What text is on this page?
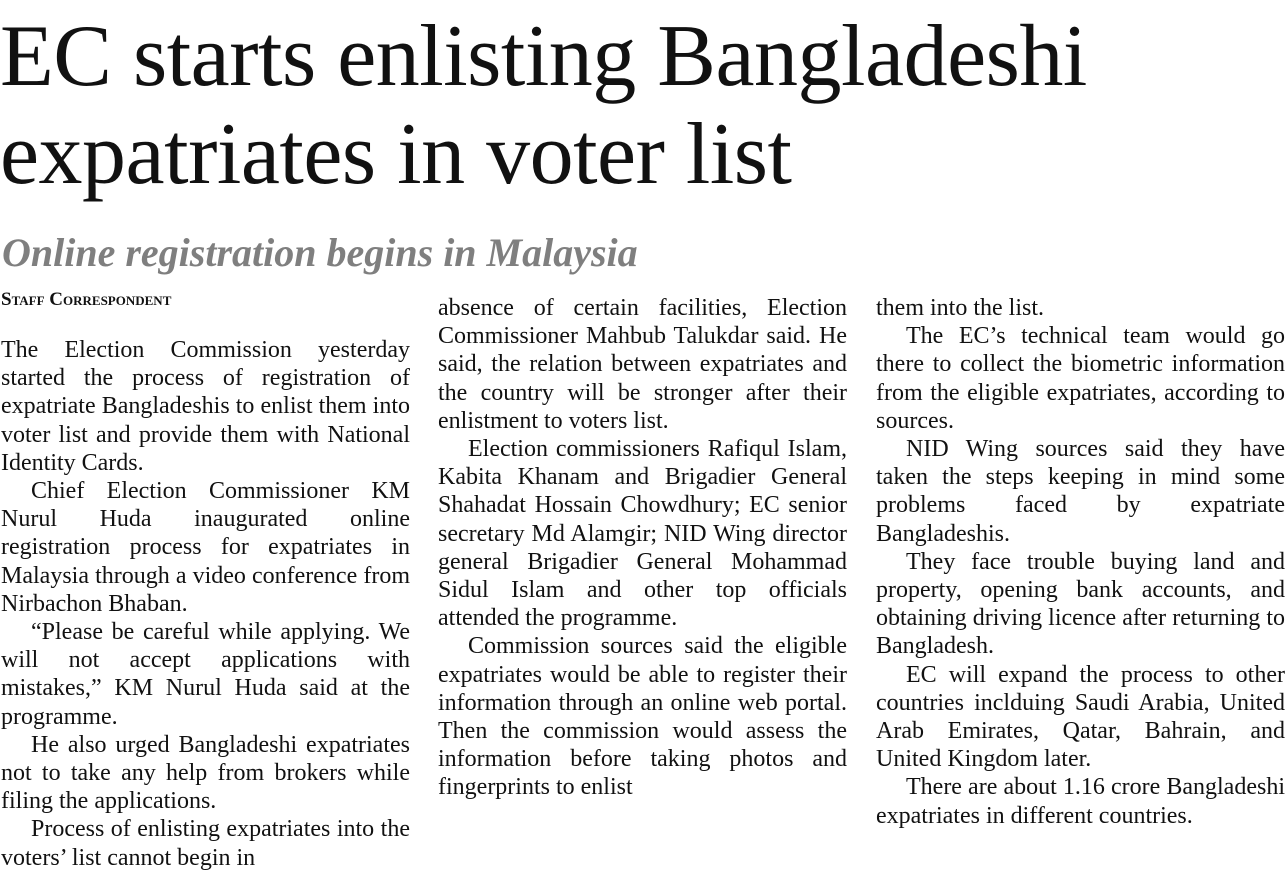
EC starts enlisting Bangladeshi
expatriates in voter list
Online registration begins in Malaysia
Staff Correspondent

The Election Commission yesterday started the process of registration of expatriate Bangladeshis to enlist them into voter list and provide them with National Identity Cards.

Chief Election Commissioner KM Nurul Huda inaugurated online registration process for expatriates in Malaysia through a video conference from Nirbachon Bhaban.

“Please be careful while applying. We will not accept applications with mistakes,” KM Nurul Huda said at the programme.

He also urged Bangladeshi expatriates not to take any help from brokers while filing the applications.

Process of enlisting expatriates into the voters’ list cannot begin in

absence of certain facilities, Election Commissioner Mahbub Talukdar said. He said, the relation between expatriates and the country will be stronger after their enlistment to voters list.

Election commissioners Rafiqul Islam, Kabita Khanam and Brigadier General Shahadat Hossain Chowdhury; EC senior secretary Md Alamgir; NID Wing director general Brigadier General Mohammad Sidul Islam and other top officials attended the programme.

Commission sources said the eligible expatriates would be able to register their information through an online web portal. Then the commission would assess the information before taking photos and fingerprints to enlist

them into the list.

The EC’s technical team would go there to collect the biometric information from the eligible expatriates, according to sources.

NID Wing sources said they have taken the steps keeping in mind some problems faced by expatriate Bangladeshis.

They face trouble buying land and property, opening bank accounts, and obtaining driving licence after returning to Bangladesh.

EC will expand the process to other countries inclduing Saudi Arabia, United Arab Emirates, Qatar, Bahrain, and United Kingdom later.

There are about 1.16 crore Bangladeshi expatriates in different countries.
